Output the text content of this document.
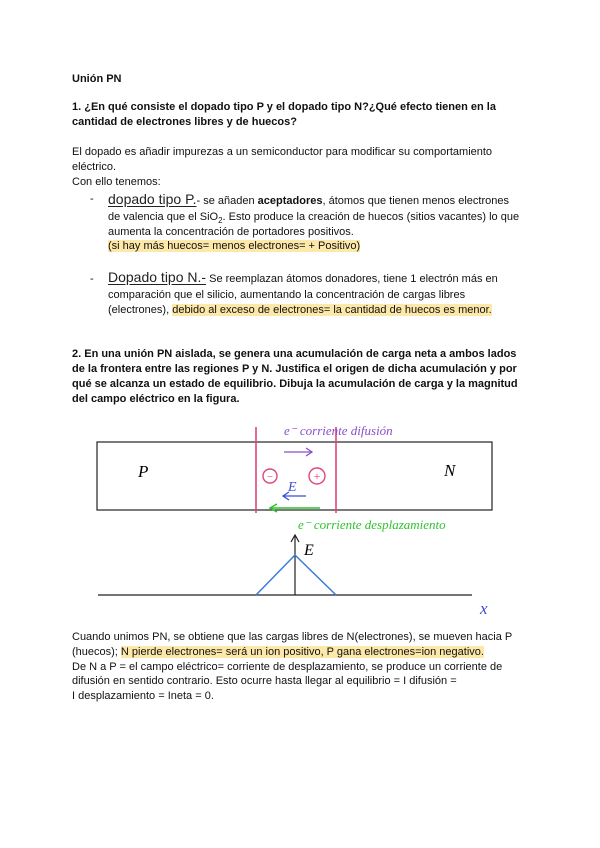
Unión PN
1. ¿En qué consiste el dopado tipo P y el dopado tipo N?¿Qué efecto tienen en la cantidad de electrones libres y de huecos?
El dopado es añadir impurezas a un semiconductor para modificar su comportamiento eléctrico.
Con ello tenemos:
- dopado tipo P.- se añaden aceptadores, átomos que tienen menos electrones
de valencia que el SiO$_2$. Esto produce la creación de huecos (sitios vacantes) lo que
aumenta la concentración de portadores positivos.
(si hay más huecos= menos electrones= + Positivo)
- Dopado tipo N.- Se reemplazan átomos donadores, tiene 1 electrón más en
comparación que el silicio, aumentando la concentración de cargas libres
(electrones), debido al exceso de electrones= la cantidad de huecos es menor.
2. En una unión PN aislada, se genera una acumulación de carga neta a ambos lados de la frontera entre las regiones P y N. Justifica el origen de dicha acumulación y por qué se alcanza un estado de equilibrio. Dibuja la acumulación de carga y la magnitud del campo eléctrico en la figura.
P	N
−	+
e⁻ corriente difusión
E
e⁻ corriente desplazamiento
E
x
Cuando unimos PN, se obtiene que las cargas libres de N(electrones), se mueven hacia P
(huecos); N pierde electrones= será un ion positivo, P gana electrones=ion negativo.
De N a P = el campo eléctrico= corriente de desplazamiento, se produce un corriente de
difusión en sentido contrario. Esto ocurre hasta llegar al equilibrio = I difusión =
I desplazamiento = Ineta = 0.
